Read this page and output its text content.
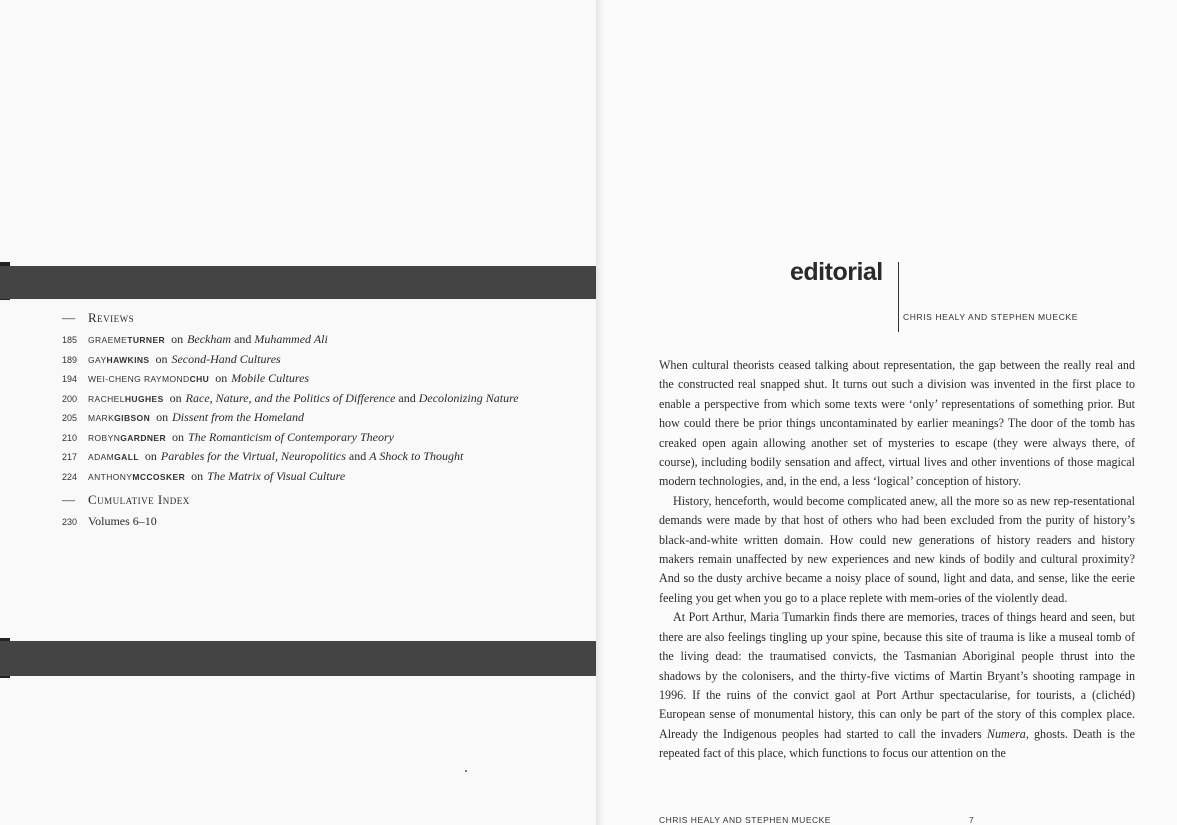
— Reviews
185	GRAEME TURNER on Beckham and Muhammed Ali
189	GAY HAWKINS on Second-Hand Cultures
194	WEI-CHENG RAYMOND CHU on Mobile Cultures
200	RACHEL HUGHES on Race, Nature, and the Politics of Difference and Decolonizing Nature
205	MARK GIBSON on Dissent from the Homeland
210	ROBYN GARDNER on The Romanticism of Contemporary Theory
217	ADAM GALL on Parables for the Virtual, Neuropolitics and A Shock to Thought
224	ANTHONY MCCOSKER on The Matrix of Visual Culture
— Cumulative Index
230 Volumes 6–10
editorial
CHRIS HEALY AND STEPHEN MUECKE

When cultural theorists ceased talking about representation, the gap between the really real and the constructed real snapped shut. It turns out such a division was invented in the first place to enable a perspective from which some texts were ‘only’ representations of something prior. But how could there be prior things uncontaminated by earlier meanings? The door of the tomb has creaked open again allowing another set of mysteries to escape (they were always there, of course), including bodily sensation and affect, virtual lives and other inventions of those magical modern technologies, and, in the end, a less ‘logical’ conception of history.

History, henceforth, would become complicated anew, all the more so as new rep-resentational demands were made by that host of others who had been excluded from the purity of history’s black-and-white written domain. How could new generations of history readers and history makers remain unaffected by new experiences and new kinds of bodily and cultural proximity? And so the dusty archive became a noisy place of sound, light and data, and sense, like the eerie feeling you get when you go to a place replete with mem-ories of the violently dead.

At Port Arthur, Maria Tumarkin finds there are memories, traces of things heard and seen, but there are also feelings tingling up your spine, because this site of trauma is like a museal tomb of the living dead: the traumatised convicts, the Tasmanian Aboriginal people thrust into the shadows by the colonisers, and the thirty-five victims of Martin Bryant’s shooting rampage in 1996. If the ruins of the convict gaol at Port Arthur spectacularise, for tourists, a (clichéd) European sense of monumental history, this can only be part of the story of this complex place. Already the Indigenous peoples had started to call the invaders Numera, ghosts. Death is the repeated fact of this place, which functions to focus our attention on the

CHRIS HEALY AND STEPHEN MUECKE	7
